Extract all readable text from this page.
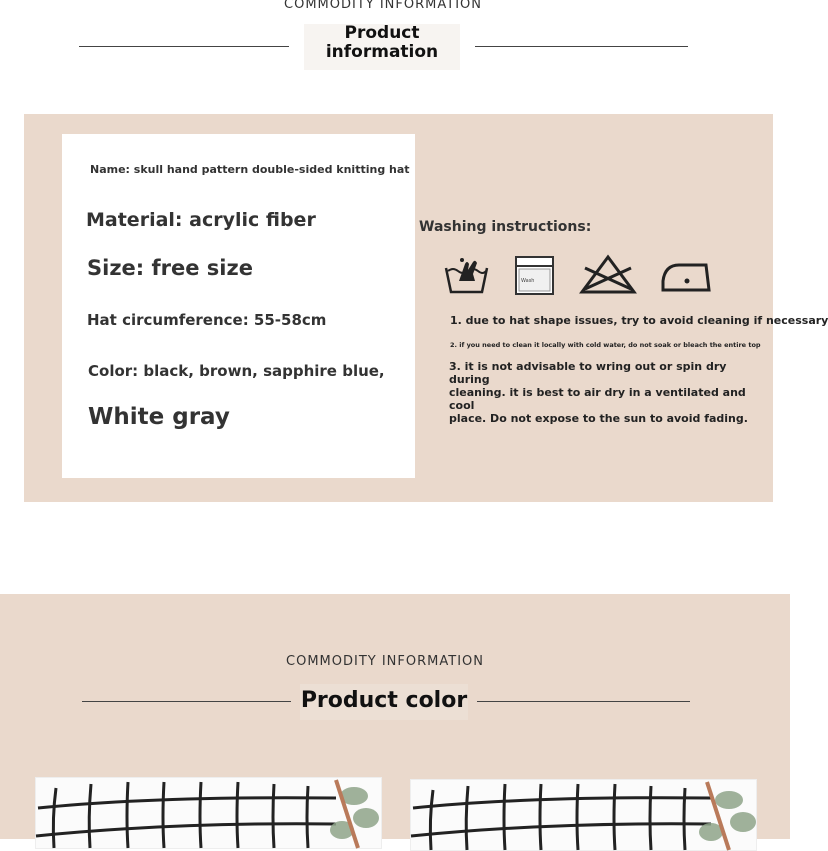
COMMODITY INFORMATION
Product
information
Name: skull hand pattern double-sided knitting hat
Material: acrylic fiber
Size: free size
Hat circumference: 55-58cm
Color: black, brown, sapphire blue,
White gray
Washing instructions:
Wash
1. due to hat shape issues, try to avoid cleaning if necessary
2. if you need to clean it locally with cold water, do not soak or bleach the entire top
3. it is not advisable to wring out or spin dry during
cleaning. it is best to air dry in a ventilated and cool
place. Do not expose to the sun to avoid fading.
COMMODITY INFORMATION
Product color
